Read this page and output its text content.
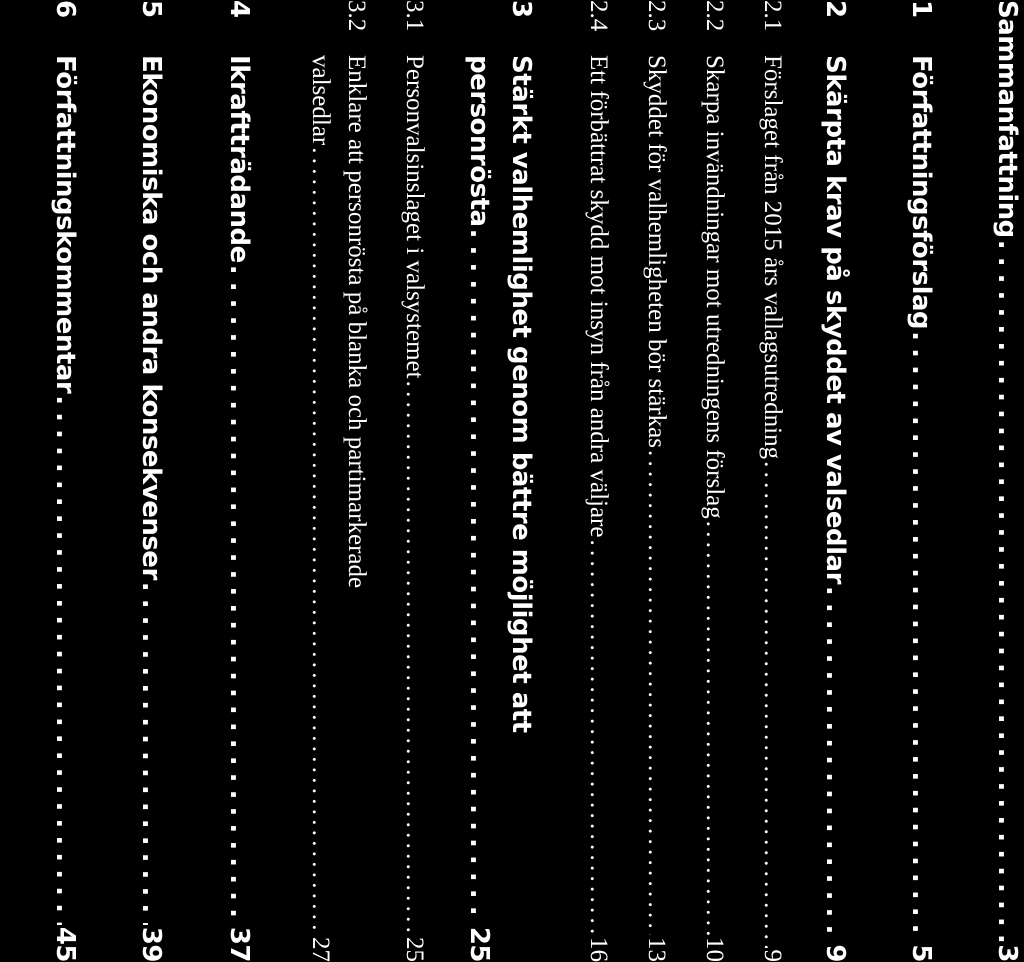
Sammanfattning
. . .
3
1
Författningsförslag
. . .
5
2
Skärpta krav på skyddet av valsedlar
. . .
9
2.1
Förslaget från 2015 års vallagsutredning
. . .
9
2.2
Skarpa invändningar mot utredningens förslag
. . .
10
2.3
Skyddet för valhemligheten bör stärkas
. . .
13
2.4
Ett förbättrat skydd mot insyn från andra väljare
. . .
16
3
Stärkt valhemlighet genom bättre möjlighet att
personrösta
. . .
25
3.1
Personvalsinslaget i valsystemet
. . .
25
3.2
Enklare att personrösta på blanka och partimarkerade
valsedlar
. . .
27
4
Ikraftträdande
. . .
37
5
Ekonomiska och andra konsekvenser
. . .
39
6
Författningskommentar
. . .
45
